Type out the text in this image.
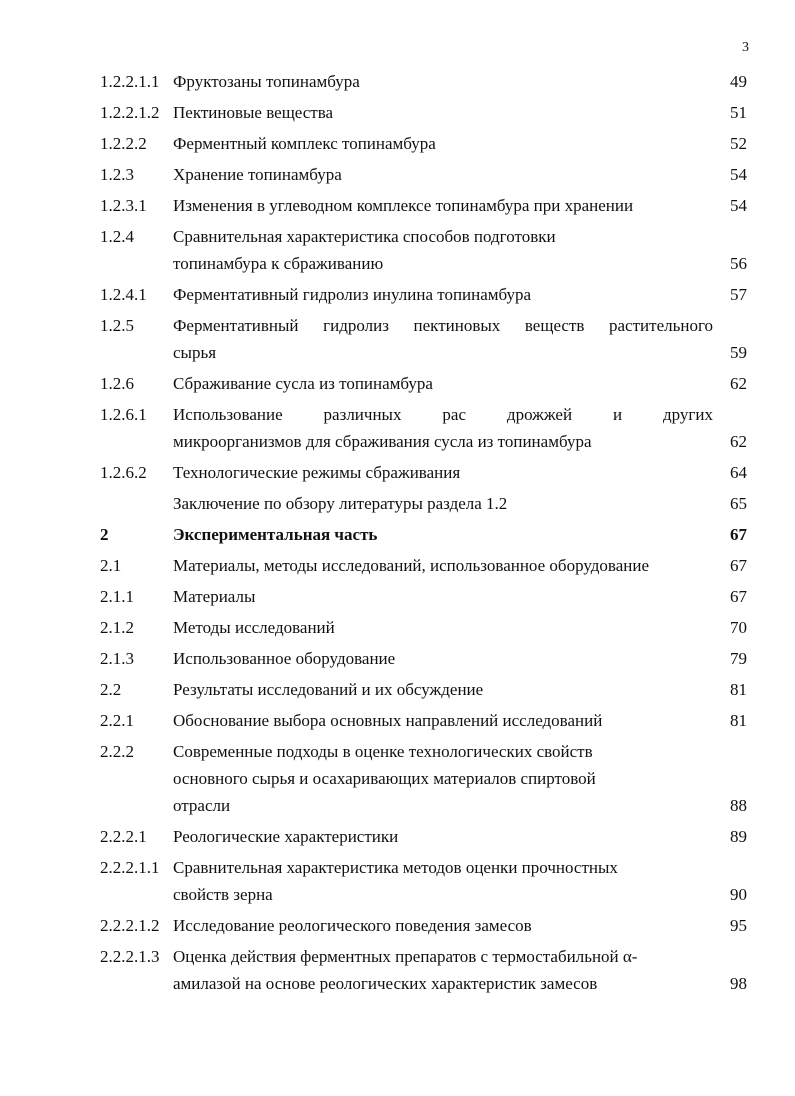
3
1.2.2.1.1 Фруктозаны топинамбура	49
1.2.2.1.2 Пектиновые вещества	51
1.2.2.2 Ферментный комплекс топинамбура	52
1.2.3 Хранение топинамбура	54
1.2.3.1 Изменения в углеводном комплексе топинамбура при хранении	54
1.2.4 Сравнительная характеристика способов подготовки
топинамбура к сбраживанию	56
1.2.4.1 Ферментативный гидролиз инулина топинамбура	57
1.2.5 Ферментативный гидролиз пектиновых веществ растительного
сырья	59
1.2.6 Сбраживание сусла из топинамбура	62
1.2.6.1 Использование различных рас дрожжей и других
микроорганизмов для сбраживания сусла из топинамбура	62
1.2.6.2 Технологические режимы сбраживания	64
Заключение по обзору литературы раздела 1.2	65
2	Экспериментальная часть	67
2.1	Материалы, методы исследований, использованное оборудование	67
2.1.1 Материалы	67
2.1.2 Методы исследований	70
2.1.3 Использованное оборудование	79
2.2	Результаты исследований и их обсуждение	81
2.2.1 Обоснование выбора основных направлений исследований	81
2.2.2 Современные подходы в оценке технологических свойств
основного сырья и осахаривающих материалов спиртовой
отрасли	88
2.2.2.1 Реологические характеристики	89
2.2.2.1.1 Сравнительная характеристика методов оценки прочностных
свойств зерна	90
2.2.2.1.2 Исследование реологического поведения замесов	95
2.2.2.1.3 Оценка действия ферментных препаратов с термостабильной α-
амилазой на основе реологических характеристик замесов	98
